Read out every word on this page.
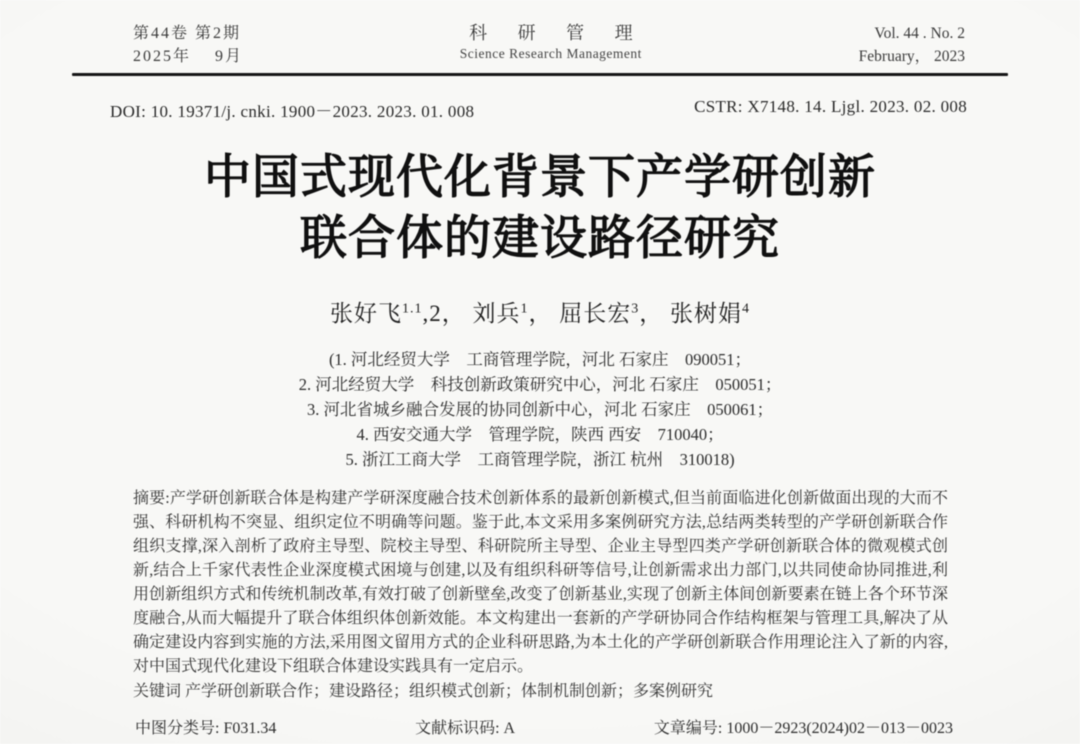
第44卷 第2期
2025年　 9月
科 研 管 理
Science Research Management
Vol. 44 . No. 2
February， 2023
DOI: 10. 19371/j. cnki. 1900－2023. 2023. 01. 008	CSTR: X7148. 14. Ljgl. 2023. 02. 008
中国式现代化背景下产学研创新
联合体的建设路径研究
张好飞$^{1.1}$,2， 刘兵$^1$， 屈长宏$^3$， 张树娟$^4$
(1. 河北经贸大学　工商管理学院，河北 石家庄　090051；
2. 河北经贸大学　科技创新政策研究中心，河北 石家庄　050051；
3. 河北省城乡融合发展的协同创新中心，河北 石家庄　050061；
4. 西安交通大学　管理学院，陕西 西安　710040；
5. 浙江工商大学　工商管理学院，浙江 杭州　310018)
摘要:产学研创新联合体是构建产学研深度融合技术创新体系的最新创新模式,但当前面临进化创新做面出现的大而不强、科研机构不突显、组织定位不明确等问题。鉴于此,本文采用多案例研究方法,总结两类转型的产学研创新联合作组织支撑,深入剖析了政府主导型、院校主导型、科研院所主导型、企业主导型四类产学研创新联合体的微观模式创新,结合上千家代表性企业深度模式困境与创建,以及有组织科研等信号,让创新需求出力部门,以共同使命协同推进,利用创新组织方式和传统机制改革,有效打破了创新壁垒,改变了创新基业,实现了创新主体间创新要素在链上各个环节深度融合,从而大幅提升了联合体组织体创新效能。本文构建出一套新的产学研协同合作结构框架与管理工具,解决了从确定建设内容到实施的方法,采用图文留用方式的企业科研思路,为本土化的产学研创新联合作用理论注入了新的内容,对中国式现代化建设下组联合体建设实践具有一定启示。
关键词 产学研创新联合作；建设路径；组织模式创新；体制机制创新；多案例研究
中图分类号: F031.34	文献标识码: A	文章编号: 1000－2923(2024)02－013－0023
